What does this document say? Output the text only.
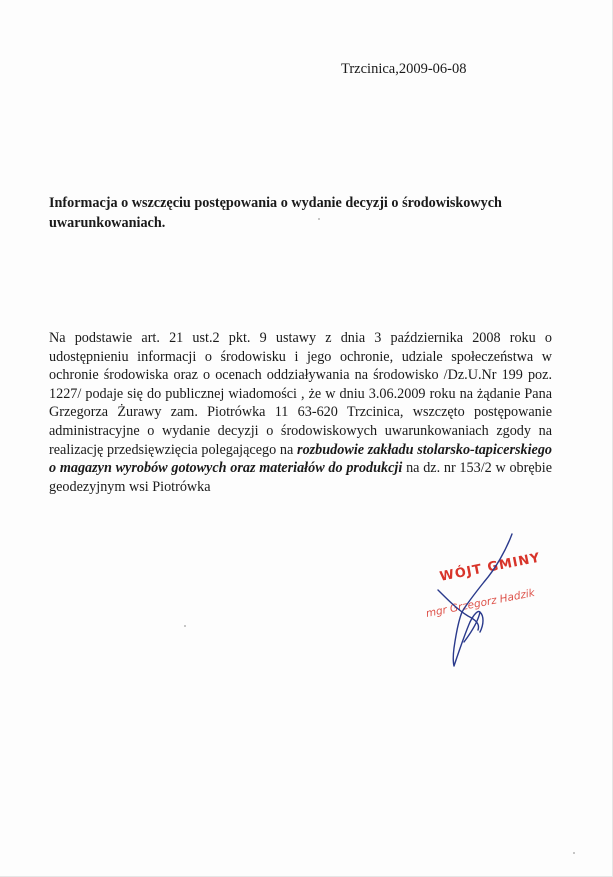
Trzcinica,2009-06-08
Informacja o wszczęciu postępowania o wydanie decyzji o środowiskowych uwarunkowaniach.
Na podstawie art. 21 ust.2 pkt. 9 ustawy z dnia 3 października 2008 roku o udostępnieniu informacji o środowisku i jego ochronie, udziale społeczeństwa w ochronie środowiska oraz o ocenach oddziaływania na środowisko /Dz.U.Nr 199 poz. 1227/ podaje się do publicznej wiadomości , że w dniu 3.06.2009 roku na żądanie Pana Grzegorza Żurawy zam. Piotrówka 11 63-620 Trzcinica, wszczęto postępowanie administracyjne o wydanie decyzji o środowiskowych uwarunkowaniach zgody na realizację przedsięwzięcia polegającego na rozbudowie zakładu stolarsko-tapicerskiego o magazyn wyrobów gotowych oraz materiałów do produkcji na dz. nr 153/2 w obrębie geodezyjnym wsi Piotrówka
WÓJT GMINY
mgr Grzegorz Hadzik
